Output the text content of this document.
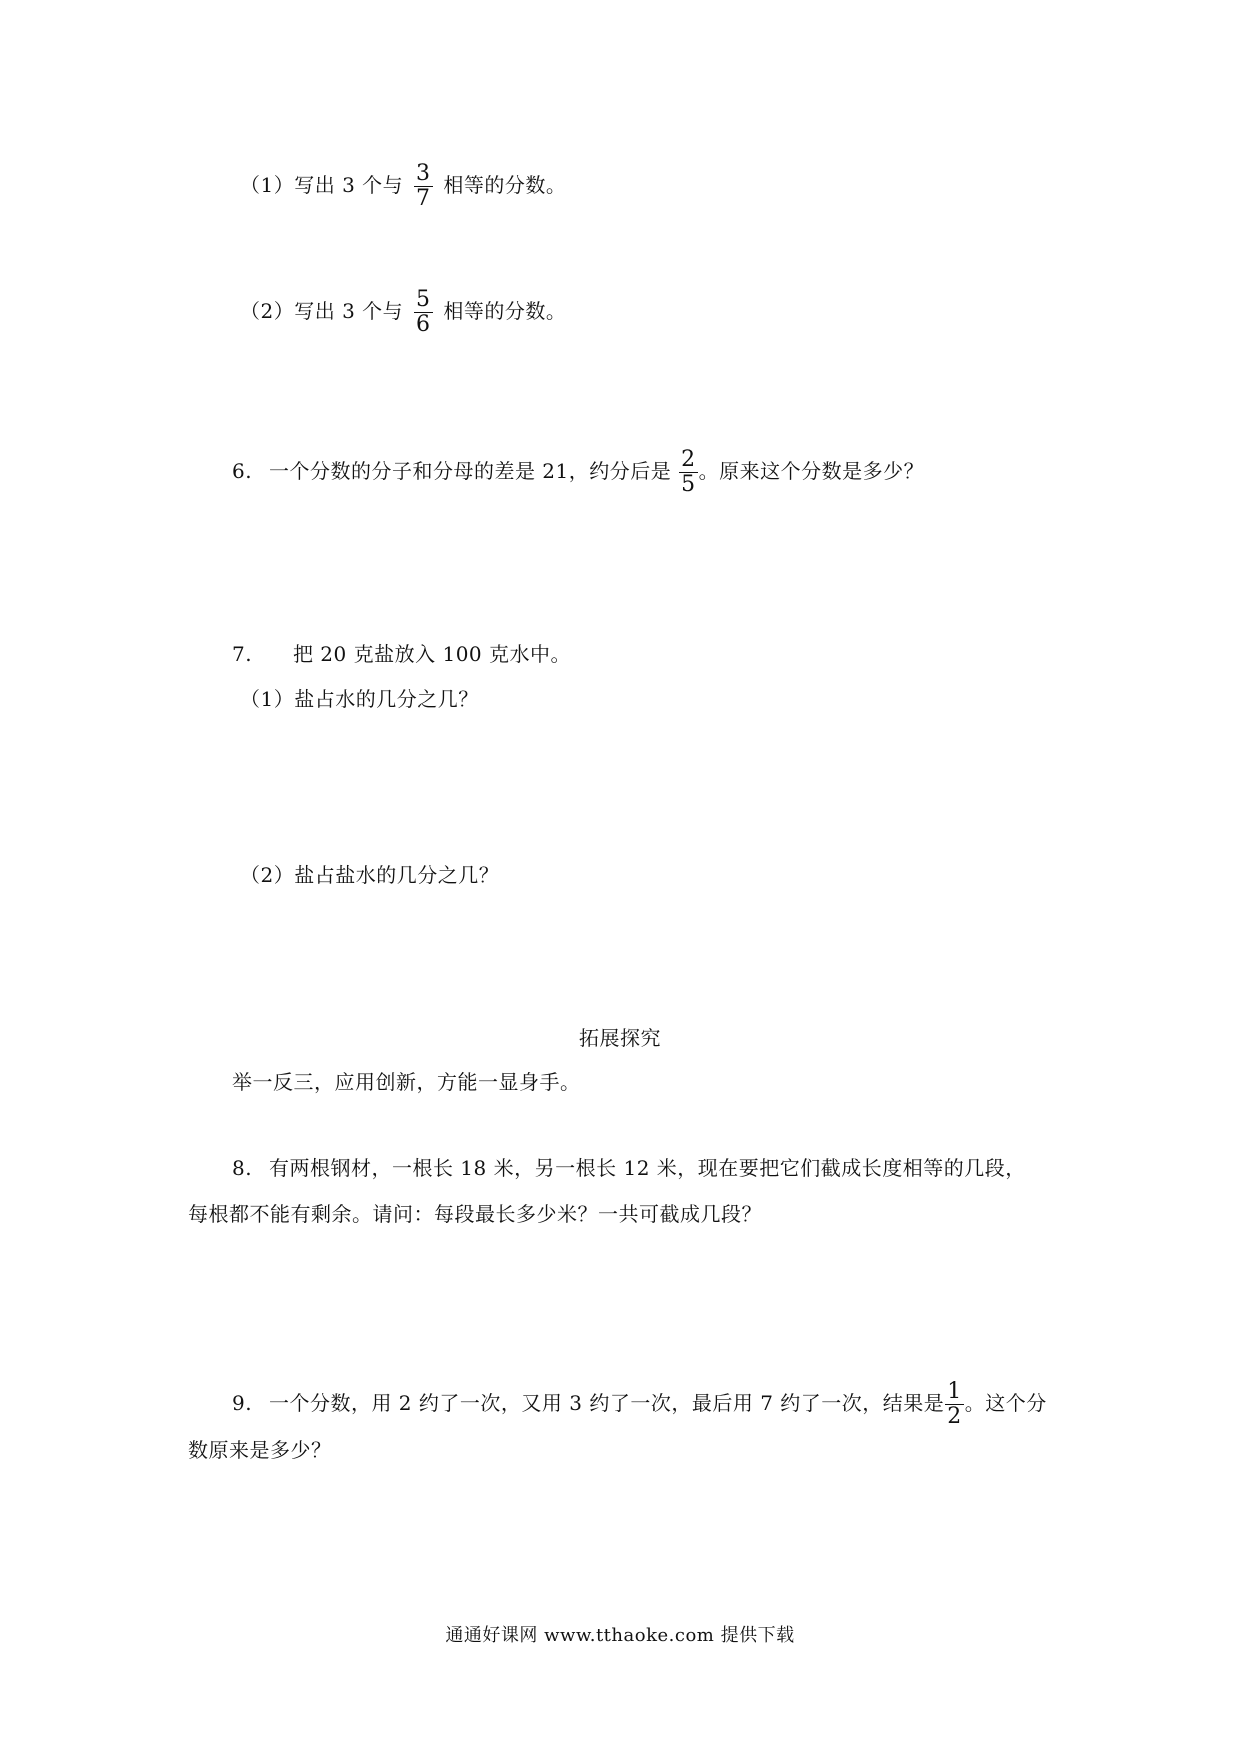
（1）写出 3 个与 $\frac{3}{7}$ 相等的分数。
（2）写出 3 个与 $\frac{5}{6}$ 相等的分数。
6. 一个分数的分子和分母的差是 21，约分后是 $\frac{2}{5}$ 。原来这个分数是多少？
7. 把 20 克盐放入 100 克水中。
（1）盐占水的几分之几？
（2）盐占盐水的几分之几？
拓展探究
举一反三，应用创新，方能一显身手。
8. 有两根钢材，一根长 18 米，另一根长 12 米，现在要把它们截成长度相等的几段，
每根都不能有剩余。请问：每段最长多少米？一共可截成几段？
9. 一个分数，用 2 约了一次，又用 3 约了一次，最后用 7 约了一次，结果是 $\frac{1}{2}$ 。这个分
数原来是多少？
通通好课网 www.tthaoke.com 提供下载
